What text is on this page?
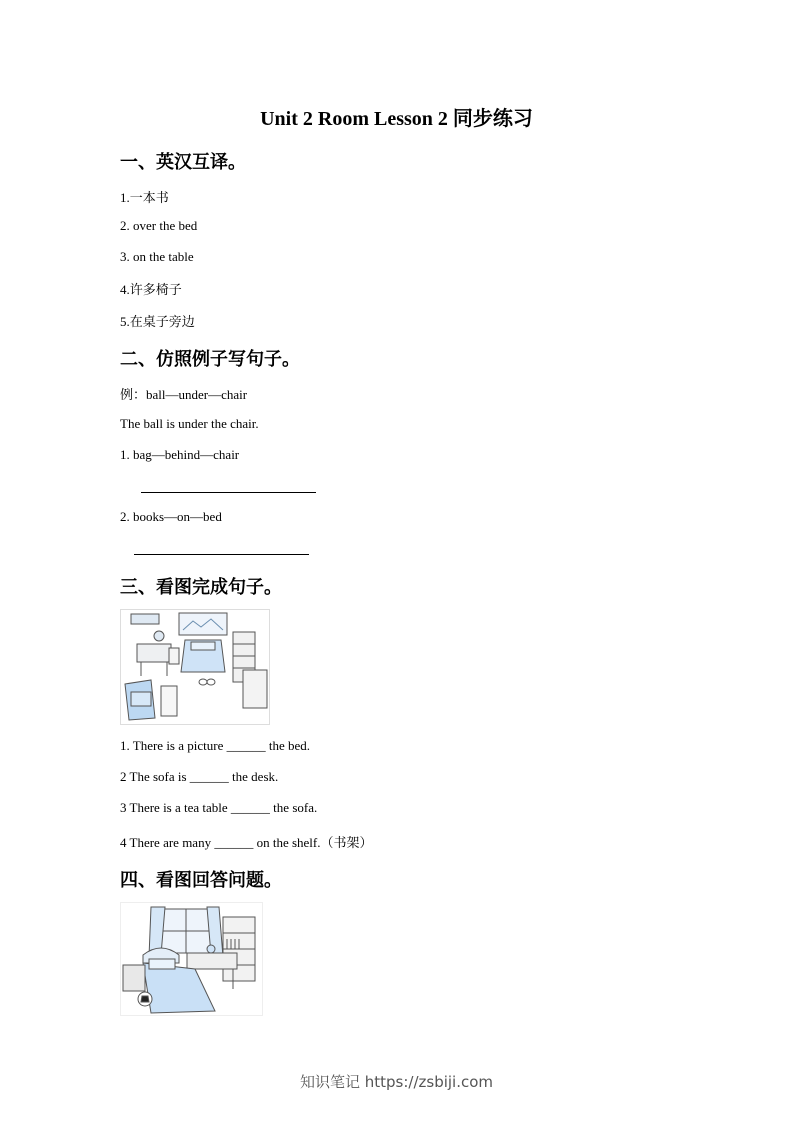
Unit 2 Room Lesson 2 同步练习
一、英汉互译。
1.一本书
2. over the bed
3. on the table
4.许多椅子
5.在桌子旁边
二、仿照例子写句子。
例：ball—under—chair
The ball is under the chair.
1. bag—behind—chair
2. books—on—bed
三、看图完成句子。
1. There is a picture ______ the bed.
2 The sofa is ______ the desk.
3 There is a tea table ______ the sofa.
4 There are many ______ on the shelf.（书架）
四、看图回答问题。
知识笔记 https://zsbiji.com
